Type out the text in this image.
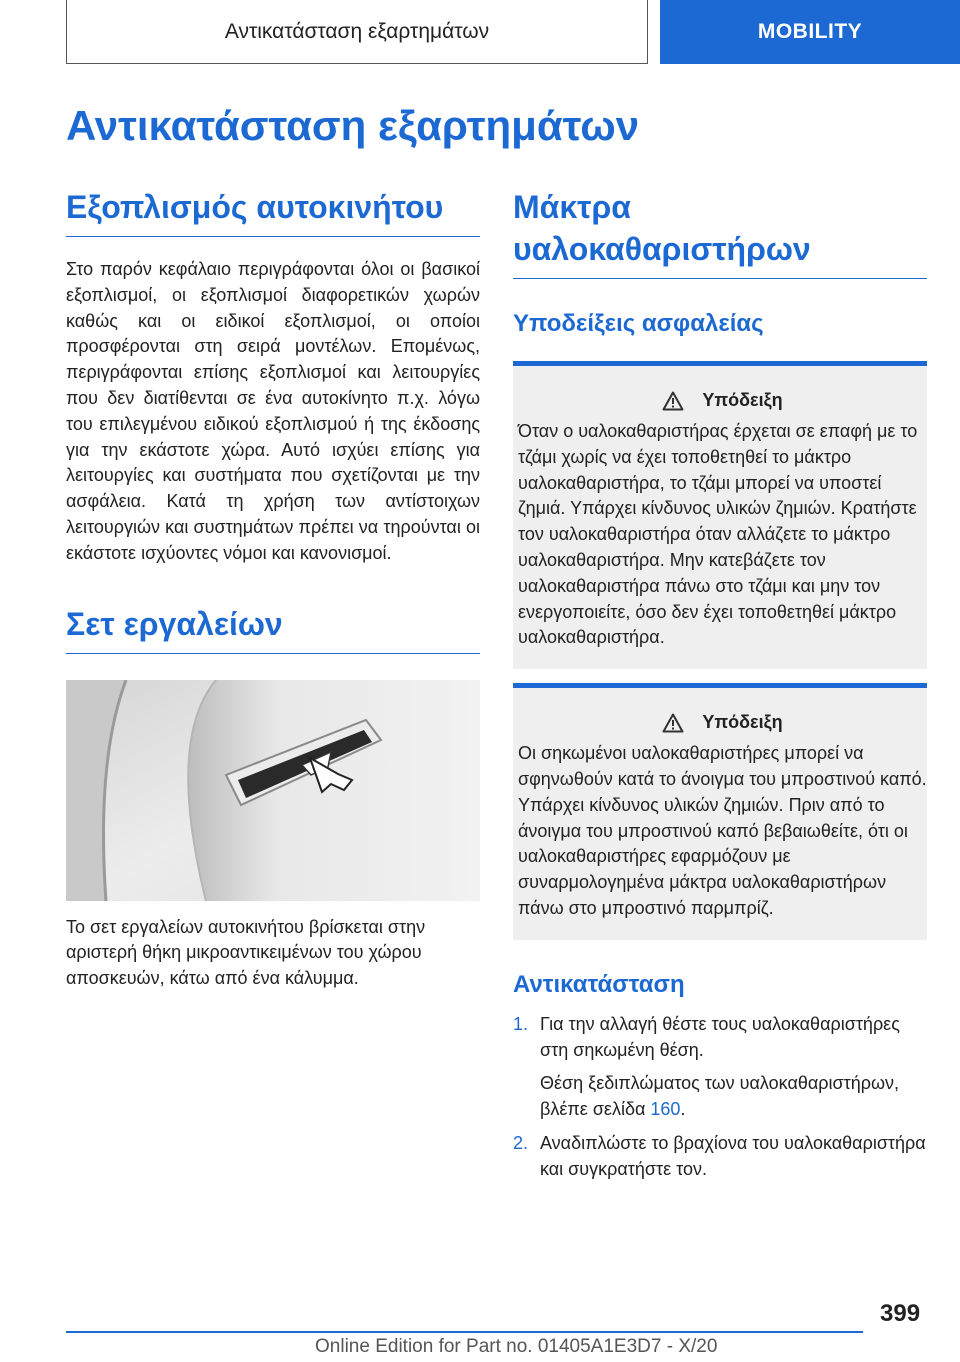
Αντικατάσταση εξαρτημάτων	MOBILITY
Αντικατάσταση εξαρτημάτων
Εξοπλισμός αυτοκινήτου

Στο παρόν κεφάλαιο περιγράφονται όλοι οι βασικοί εξοπλισμοί, οι εξοπλισμοί διαφορετικών χωρών καθώς και οι ειδικοί εξοπλισμοί, οι οποίοι προσφέρονται στη σειρά μοντέλων. Επομένως, περιγράφονται επίσης εξοπλισμοί και λειτουργίες που δεν διατίθενται σε ένα αυτοκίνητο π.χ. λόγω του επιλεγμένου ειδικού εξοπλισμού ή της έκδοσης για την εκάστοτε χώρα. Αυτό ισχύει επίσης για λειτουργίες και συστήματα που σχετίζονται με την ασφάλεια. Κατά τη χρήση των αντίστοιχων λειτουργιών και συστημάτων πρέπει να τηρούνται οι εκάστοτε ισχύοντες νόμοι και κανονισμοί.

Σετ εργαλείων

Το σετ εργαλείων αυτοκινήτου βρίσκεται στην αριστερή θήκη μικροαντικειμένων του χώρου αποσκευών, κάτω από ένα κάλυμμα.

Μάκτρα υαλοκαθαριστήρων
Υποδείξεις ασφαλείας
Υπόδειξη

Όταν ο υαλοκαθαριστήρας έρχεται σε επαφή με το τζάμι χωρίς να έχει τοποθετηθεί το μάκτρο υαλοκαθαριστήρα, το τζάμι μπορεί να υποστεί ζημιά. Υπάρχει κίνδυνος υλικών ζημιών. Κρατήστε τον υαλοκαθαριστήρα όταν αλλάζετε το μάκτρο υαλοκαθαριστήρα. Μην κατεβάζετε τον υαλοκαθαριστήρα πάνω στο τζάμι και μην τον ενεργοποιείτε, όσο δεν έχει τοποθετηθεί μάκτρο υαλοκαθαριστήρα.

Υπόδειξη

Οι σηκωμένοι υαλοκαθαριστήρες μπορεί να σφηνωθούν κατά το άνοιγμα του μπροστινού καπό. Υπάρχει κίνδυνος υλικών ζημιών. Πριν από το άνοιγμα του μπροστινού καπό βεβαιωθείτε, ότι οι υαλοκαθαριστήρες εφαρμόζουν με συναρμολογημένα μάκτρα υαλοκαθαριστήρων πάνω στο μπροστινό παρμπρίζ.

Αντικατάσταση
1. Για την αλλαγή θέστε τους υαλοκαθαριστήρες στη σηκωμένη θέση.
Θέση ξεδιπλώματος των υαλοκαθαριστήρων, βλέπε σελίδα 160.
2. Αναδιπλώστε το βραχίονα του υαλοκαθαριστήρα και συγκρατήστε τον.
399
Online Edition for Part no. 01405A1E3D7 - X/20
